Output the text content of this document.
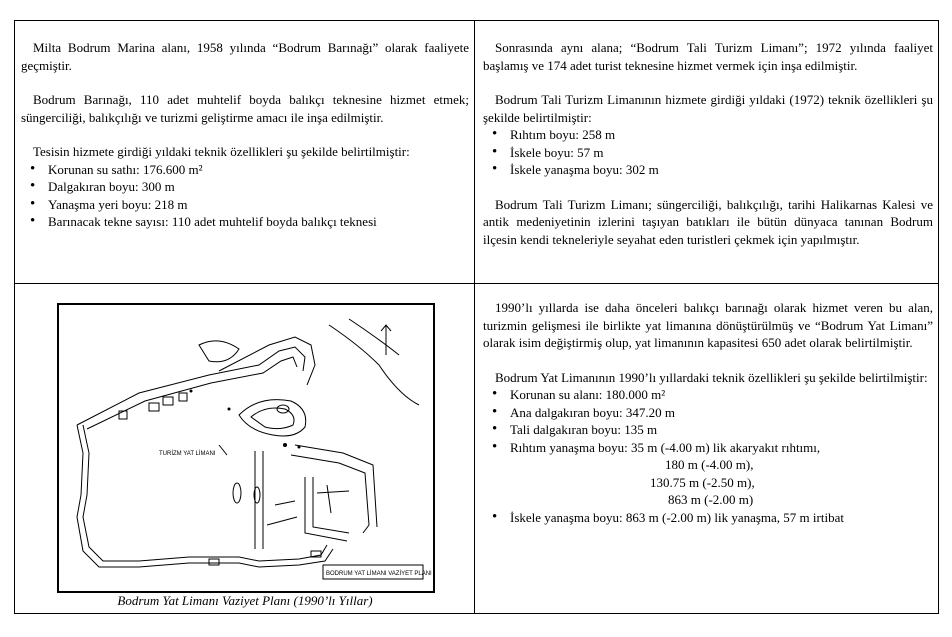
Milta Bodrum Marina alanı, 1958 yılında “Bodrum Barınağı” olarak faaliyete geçmiştir.

Bodrum Barınağı, 110 adet muhtelif boyda balıkçı teknesine hizmet etmek; süngerciliği, balıkçılığı ve turizmi geliştirme amacı ile inşa edilmiştir.

Tesisin hizmete girdiği yıldaki teknik özellikleri şu şekilde belirtilmiştir:

• Korunan su sathı: 176.600 m²
• Dalgakıran boyu: 300 m
• Yanaşma yeri boyu: 218 m
• Barınacak tekne sayısı: 110 adet muhtelif boyda balıkçı teknesi

Sonrasında aynı alana; “Bodrum Tali Turizm Limanı”; 1972 yılında faaliyet başlamış ve 174 adet turist teknesine hizmet vermek için inşa edilmiştir.

Bodrum Tali Turizm Limanının hizmete girdiği yıldaki (1972) teknik özellikleri şu şekilde belirtilmiştir:

• Rıhtım boyu: 258 m
• İskele boyu: 57 m
• İskele yanaşma boyu: 302 m

Bodrum Tali Turizm Limanı; süngerciliği, balıkçılığı, tarihi Halikarnas Kalesi ve antik medeniyetinin izlerini taşıyan batıkları ile bütün dünyaca tanınan Bodrum ilçesin kendi tekneleriyle seyahat eden turistleri çekmek için yapılmıştır.

TURİZM YAT LİMANI
BODRUM YAT LİMANI VAZİYET PLANI
Bodrum Yat Limanı Vaziyet Planı (1990’lı Yıllar)

1990’lı yıllarda ise daha önceleri balıkçı barınağı olarak hizmet veren bu alan, turizmin gelişmesi ile birlikte yat limanına dönüştürülmüş ve “Bodrum Yat Limanı” olarak isim değiştirmiş olup, yat limanının kapasitesi 650 adet olarak belirtilmiştir.

Bodrum Yat Limanının 1990’lı yıllardaki teknik özellikleri şu şekilde belirtilmiştir:

• Korunan su alanı: 180.000 m²
• Ana dalgakıran boyu: 347.20 m
• Tali dalgakıran boyu: 135 m
• Rıhtım yanaşma boyu: 35 m (-4.00 m) lik akaryakıt rıhtımı,
180 m (-4.00 m),
130.75 m (-2.50 m),
863 m (-2.00 m)
• İskele yanaşma boyu: 863 m (-2.00 m) lik yanaşma, 57 m irtibat
